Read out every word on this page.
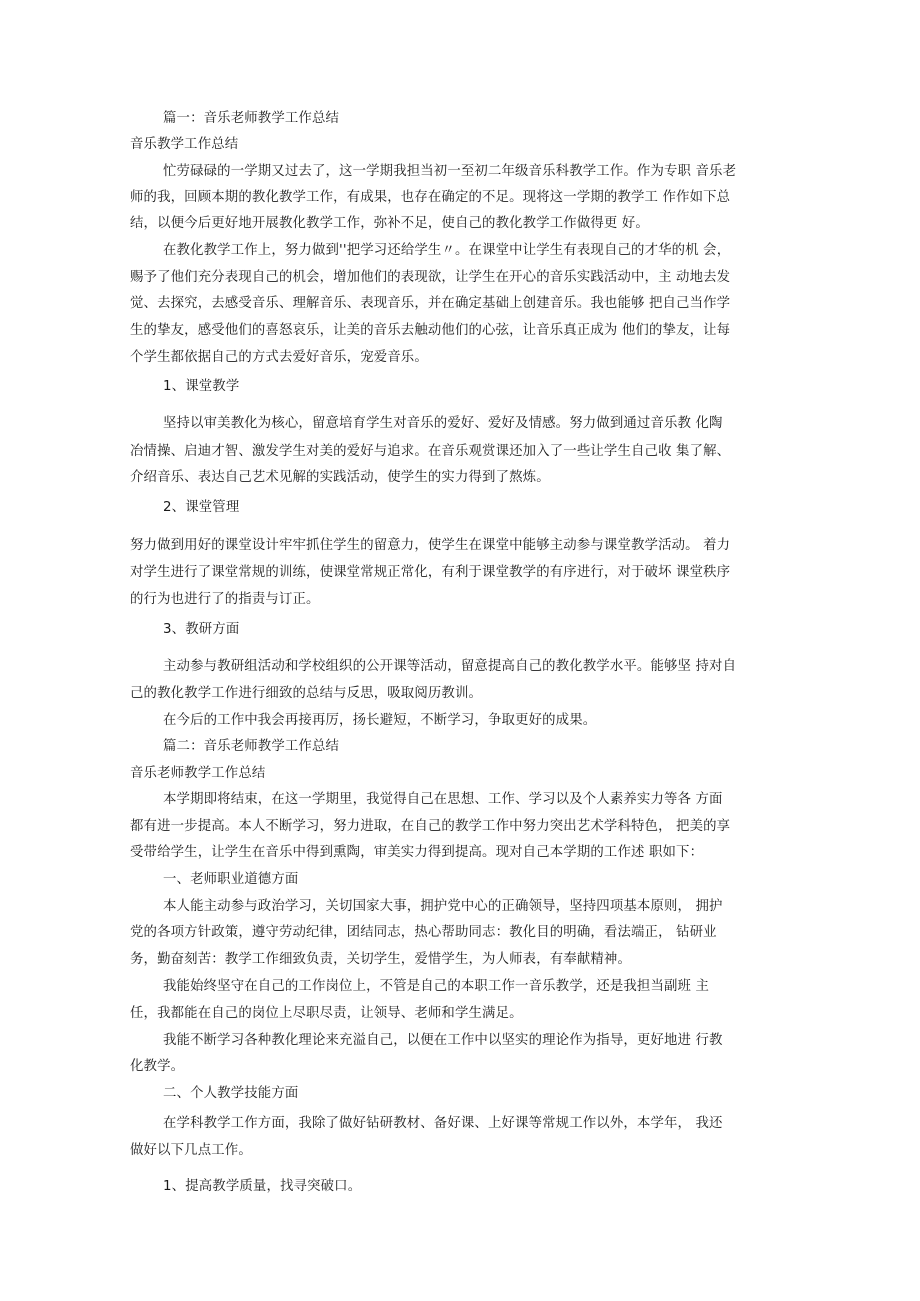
篇一：音乐老师教学工作总结
音乐教学工作总结
忙劳碌碌的一学期又过去了，这一学期我担当初一至初二年级音乐科教学工作。作为专职 音乐老
师的我，回顾本期的教化教学工作，有成果，也存在确定的不足。现将这一学期的教学工 作作如下总
结，以便今后更好地开展教化教学工作，弥补不足，使自己的教化教学工作做得更 好。
在教化教学工作上，努力做到''把学习还给学生〃。在课堂中让学生有表现自己的才华的机 会，
赐予了他们充分表现自己的机会，增加他们的表现欲，让学生在开心的音乐实践活动中，主 动地去发
觉、去探究，去感受音乐、理解音乐、表现音乐，并在确定基础上创建音乐。我也能够 把自己当作学
生的挚友，感受他们的喜怒哀乐，让美的音乐去触动他们的心弦，让音乐真正成为 他们的挚友，让每
个学生都依据自己的方式去爱好音乐，宠爱音乐。
1、课堂教学
坚持以审美教化为核心，留意培育学生对音乐的爱好、爱好及情感。努力做到通过音乐教 化陶
冶情操、启迪才智、激发学生对美的爱好与追求。在音乐观赏课还加入了一些让学生自己收 集了解、
介绍音乐、表达自己艺术见解的实践活动，使学生的实力得到了熬炼。
2、课堂管理
努力做到用好的课堂设计牢牢抓住学生的留意力，使学生在课堂中能够主动参与课堂教学活动。 着力
对学生进行了课堂常规的训练，使课堂常规正常化，有利于课堂教学的有序进行，对于破坏 课堂秩序
的行为也进行了的指责与订正。
3、教研方面
主动参与教研组活动和学校组织的公开课等活动，留意提高自己的教化教学水平。能够坚 持对自
己的教化教学工作进行细致的总结与反思，吸取阅历教训。
在今后的工作中我会再接再厉，扬长避短，不断学习，争取更好的成果。
篇二：音乐老师教学工作总结
音乐老师教学工作总结
本学期即将结束，在这一学期里，我觉得自己在思想、工作、学习以及个人素养实力等各 方面
都有进一步提高。本人不断学习，努力进取，在自己的教学工作中努力突出艺术学科特色， 把美的享
受带给学生，让学生在音乐中得到熏陶，审美实力得到提高。现对自己本学期的工作述 职如下：
一、老师职业道德方面
本人能主动参与政治学习，关切国家大事，拥护党中心的正确领导，坚持四项基本原则， 拥护
党的各项方针政策，遵守劳动纪律，团结同志，热心帮助同志：教化目的明确，看法端正， 钻研业
务，勤奋刻苦：教学工作细致负责，关切学生，爱惜学生，为人师表，有奉献精神。
我能始终坚守在自己的工作岗位上，不管是自己的本职工作一音乐教学，还是我担当副班 主
任，我都能在自己的岗位上尽职尽责，让领导、老师和学生满足。
我能不断学习各种教化理论来充溢自己，以便在工作中以坚实的理论作为指导，更好地进 行教
化教学。
二、个人教学技能方面
在学科教学工作方面，我除了做好钻研教材、备好课、上好课等常规工作以外，本学年， 我还
做好以下几点工作。
1、提高教学质量，找寻突破口。
